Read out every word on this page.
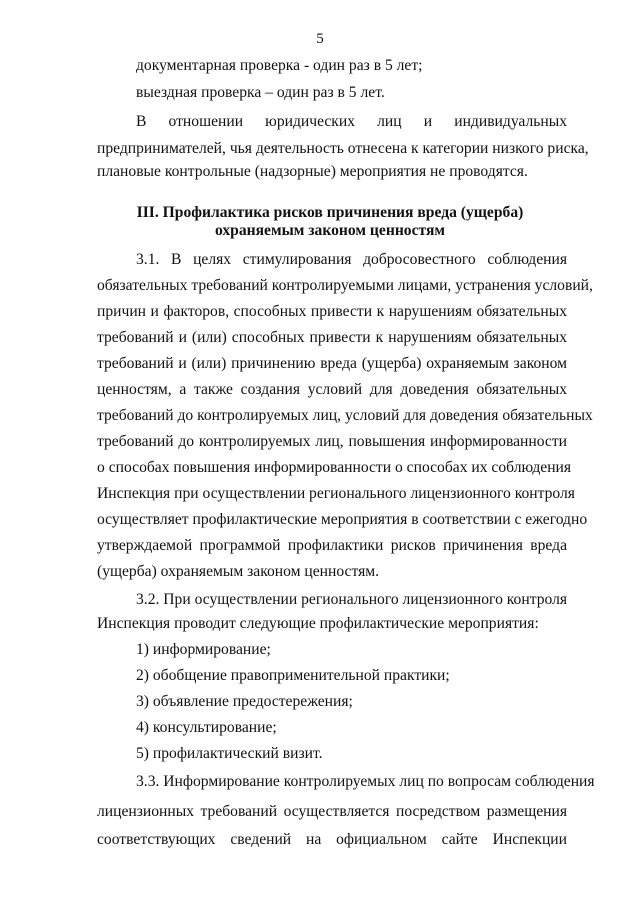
5
документарная проверка - один раз в 5 лет;
выездная проверка – один раз в 5 лет.
В отношении юридических лиц и индивидуальных
предпринимателей, чья деятельность отнесена к категории низкого риска,
плановые контрольные (надзорные) мероприятия не проводятся.
III. Профилактика рисков причинения вреда (ущерба)
охраняемым законом ценностям
3.1. В целях стимулирования добросовестного соблюдения
обязательных требований контролируемыми лицами, устранения условий,
причин и факторов, способных привести к нарушениям обязательных
требований и (или) способных привести к нарушениям обязательных
требований и (или) причинению вреда (ущерба) охраняемым законом
ценностям, а также создания условий для доведения обязательных
требований до контролируемых лиц, условий для доведения обязательных
требований до контролируемых лиц, повышения информированности
о способах повышения информированности о способах их соблюдения
Инспекция при осуществлении регионального лицензионного контроля
осуществляет профилактические мероприятия в соответствии с ежегодно
утверждаемой программой профилактики рисков причинения вреда
(ущерба) охраняемым законом ценностям.
3.2. При осуществлении регионального лицензионного контроля
Инспекция проводит следующие профилактические мероприятия:
1) информирование;
2) обобщение правоприменительной практики;
3) объявление предостережения;
4) консультирование;
5) профилактический визит.
3.3. Информирование контролируемых лиц по вопросам соблюдения
лицензионных требований осуществляется посредством размещения
соответствующих сведений на официальном сайте Инспекции
